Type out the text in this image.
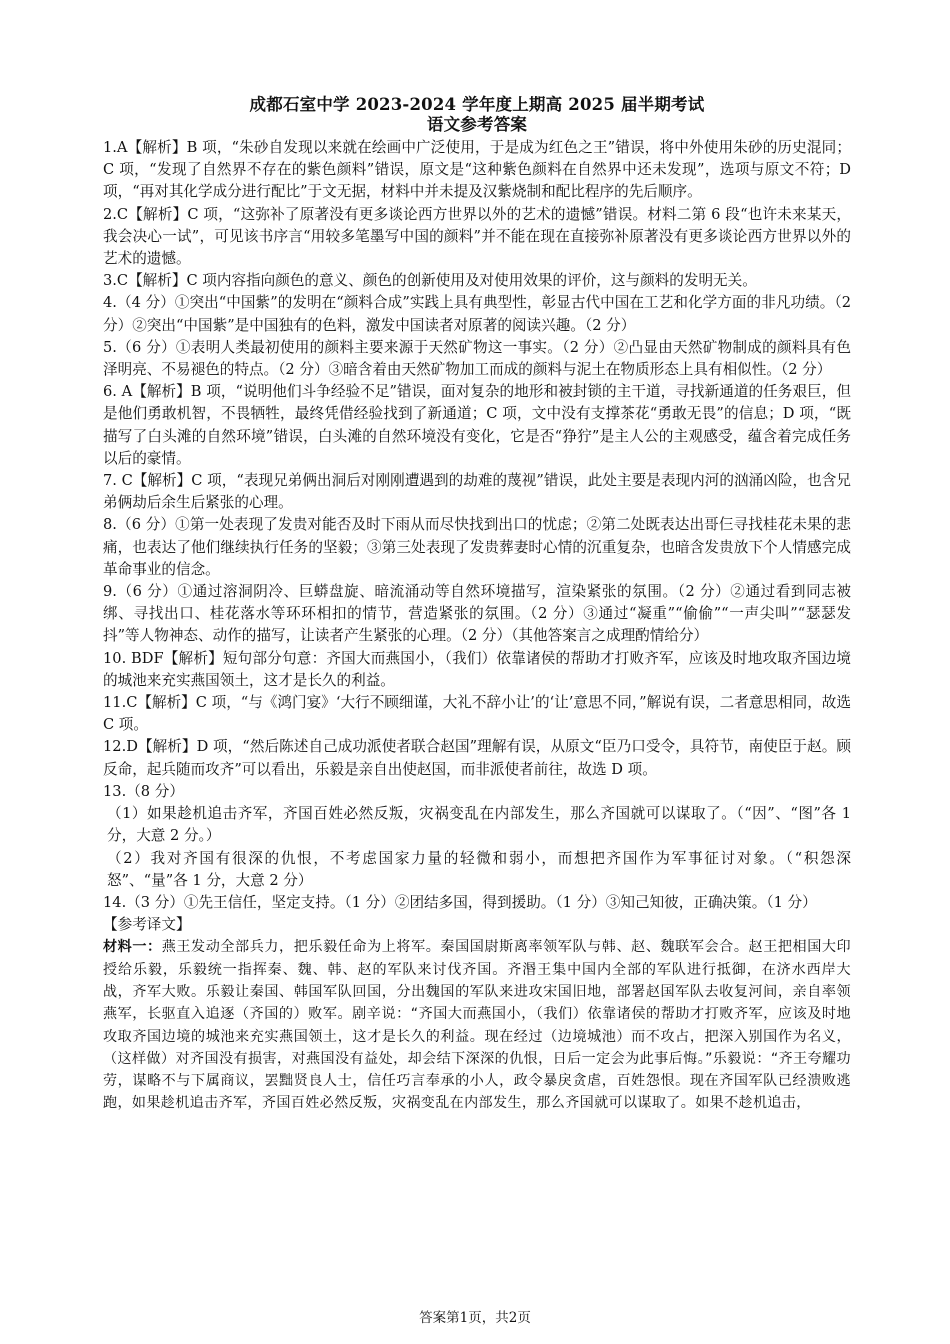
成都石室中学 2023-2024 学年度上期高 2025 届半期考试
语文参考答案

1.A【解析】B 项，“朱砂自发现以来就在绘画中广泛使用，于是成为红色之王”错误，将中外使用朱砂的历史混同；C 项，“发现了自然界不存在的紫色颜料”错误，原文是“这种紫色颜料在自然界中还未发现”，选项与原文不符；D 项，“再对其化学成分进行配比”于文无据，材料中并未提及汉紫烧制和配比程序的先后顺序。

2.C【解析】C 项，“这弥补了原著没有更多谈论西方世界以外的艺术的遗憾”错误。材料二第 6 段“也许未来某天，我会决心一试”，可见该书序言“用较多笔墨写中国的颜料”并不能在现在直接弥补原著没有更多谈论西方世界以外的艺术的遗憾。

3.C【解析】C 项内容指向颜色的意义、颜色的创新使用及对使用效果的评价，这与颜料的发明无关。

4.（4 分）①突出“中国紫”的发明在“颜料合成”实践上具有典型性，彰显古代中国在工艺和化学方面的非凡功绩。（2 分）②突出“中国紫”是中国独有的色料，激发中国读者对原著的阅读兴趣。（2 分）

5.（6 分）①表明人类最初使用的颜料主要来源于天然矿物这一事实。（2 分）②凸显由天然矿物制成的颜料具有色泽明亮、不易褪色的特点。（2 分）③暗含着由天然矿物加工而成的颜料与泥土在物质形态上具有相似性。（2 分）

6. A【解析】B 项，“说明他们斗争经验不足”错误，面对复杂的地形和被封锁的主干道，寻找新通道的任务艰巨，但是他们勇敢机智，不畏牺牲，最终凭借经验找到了新通道；C 项，文中没有支撑茶花“勇敢无畏”的信息；D 项，“既描写了白头滩的自然环境”错误，白头滩的自然环境没有变化，它是否“狰狞”是主人公的主观感受，蕴含着完成任务以后的豪情。

7. C【解析】C 项，“表现兄弟俩出洞后对刚刚遭遇到的劫难的蔑视”错误，此处主要是表现内河的汹涌凶险，也含兄弟俩劫后余生后紧张的心理。

8.（6 分）①第一处表现了发贵对能否及时下雨从而尽快找到出口的忧虑；②第二处既表达出哥仨寻找桂花未果的悲痛，也表达了他们继续执行任务的坚毅；③第三处表现了发贵葬妻时心情的沉重复杂，也暗含发贵放下个人情感完成革命事业的信念。

9.（6 分）①通过溶洞阴冷、巨蟒盘旋、暗流涌动等自然环境描写，渲染紧张的氛围。（2 分）②通过看到同志被绑、寻找出口、桂花落水等环环相扣的情节，营造紧张的氛围。（2 分）③通过“凝重”“偷偷”“一声尖叫”“瑟瑟发抖”等人物神态、动作的描写，让读者产生紧张的心理。（2 分）（其他答案言之成理酌情给分）

10. BDF【解析】短句部分句意：齐国大而燕国小，（我们）依靠诸侯的帮助才打败齐军，应该及时地攻取齐国边境的城池来充实燕国领土，这才是长久的利益。

11.C【解析】C 项，“与《鸿门宴》‘大行不顾细谨，大礼不辞小让’的‘让’意思不同，”解说有误，二者意思相同，故选 C 项。

12.D【解析】D 项，“然后陈述自己成功派使者联合赵国”理解有误，从原文“臣乃口受令，具符节，南使臣于赵。顾反命，起兵随而攻齐”可以看出，乐毅是亲自出使赵国，而非派使者前往，故选 D 项。

13.（8 分）

（1）如果趁机追击齐军，齐国百姓必然反叛，灾祸变乱在内部发生，那么齐国就可以谋取了。（“因”、“图”各 1 分，大意 2 分。）

（2）我对齐国有很深的仇恨，不考虑国家力量的轻微和弱小，而想把齐国作为军事征讨对象。（“积怨深怒”、“量”各 1 分，大意 2 分）

14.（3 分）①先王信任，坚定支持。（1 分）②团结多国，得到援助。（1 分）③知己知彼，正确决策。（1 分）

【参考译文】

材料一：燕王发动全部兵力，把乐毅任命为上将军。秦国国尉斯离率领军队与韩、赵、魏联军会合。赵王把相国大印授给乐毅，乐毅统一指挥秦、魏、韩、赵的军队来讨伐齐国。齐湣王集中国内全部的军队进行抵御，在济水西岸大战，齐军大败。乐毅让秦国、韩国军队回国，分出魏国的军队来进攻宋国旧地，部署赵国军队去收复河间，亲自率领燕军，长驱直入追逐（齐国的）败军。剧辛说：“齐国大而燕国小，（我们）依靠诸侯的帮助才打败齐军，应该及时地攻取齐国边境的城池来充实燕国领土，这才是长久的利益。现在经过（边境城池）而不攻占，把深入别国作为名义，（这样做）对齐国没有损害，对燕国没有益处，却会结下深深的仇恨，日后一定会为此事后悔。”乐毅说：“齐王夸耀功劳，谋略不与下属商议，罢黜贤良人士，信任巧言奉承的小人，政令暴戾贪虐，百姓怨恨。现在齐国军队已经溃败逃跑，如果趁机追击齐军，齐国百姓必然反叛，灾祸变乱在内部发生，那么齐国就可以谋取了。如果不趁机追击，

答案第1页，共2页
